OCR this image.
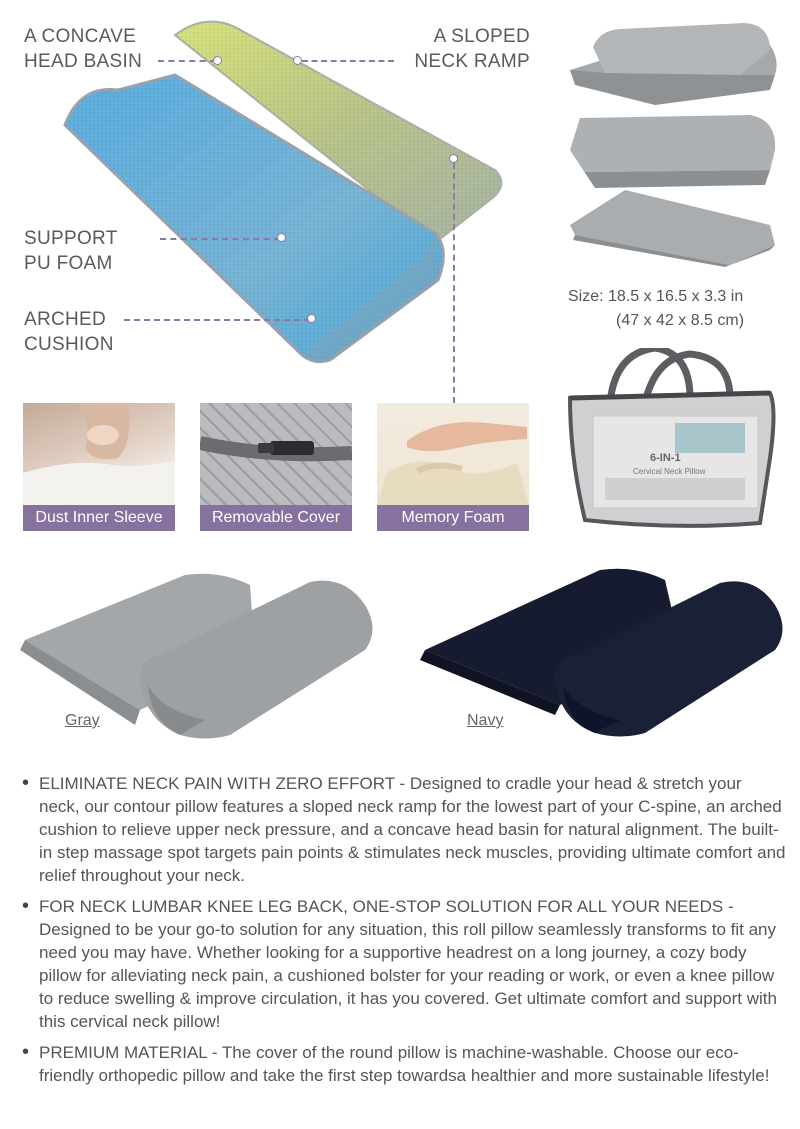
A CONCAVE
HEAD BASIN
A SLOPED
NECK RAMP
SUPPORT
PU FOAM
ARCHED
CUSHION
Size: 18.5 x 16.5 x 3.3 in
(47 x 42 x 8.5 cm)
6-IN-1
Cervical Neck Pillow
Dust Inner Sleeve	Removable Cover	Memory Foam
Gray	Navy
• ELIMINATE NECK PAIN WITH ZERO EFFORT - Designed to cradle your head & stretch your neck, our contour pillow features a sloped neck ramp for the lowest part of your C-spine, an arched cushion to relieve upper neck pressure, and a concave head basin for natural alignment. The built-in step massage spot targets pain points & stimulates neck muscles, providing ultimate comfort and relief throughout your neck.
• FOR NECK LUMBAR KNEE LEG BACK, ONE-STOP SOLUTION FOR ALL YOUR NEEDS - Designed to be your go-to solution for any situation, this roll pillow seamlessly transforms to fit any need you may have. Whether looking for a supportive headrest on a long journey, a cozy body pillow for alleviating neck pain, a cushioned bolster for your reading or work, or even a knee pillow to reduce swelling & improve circulation, it has you covered. Get ultimate comfort and support with this cervical neck pillow!
• PREMIUM MATERIAL - The cover of the round pillow is machine-washable. Choose our eco-friendly orthopedic pillow and take the first step towardsa healthier and more sustainable lifestyle!
